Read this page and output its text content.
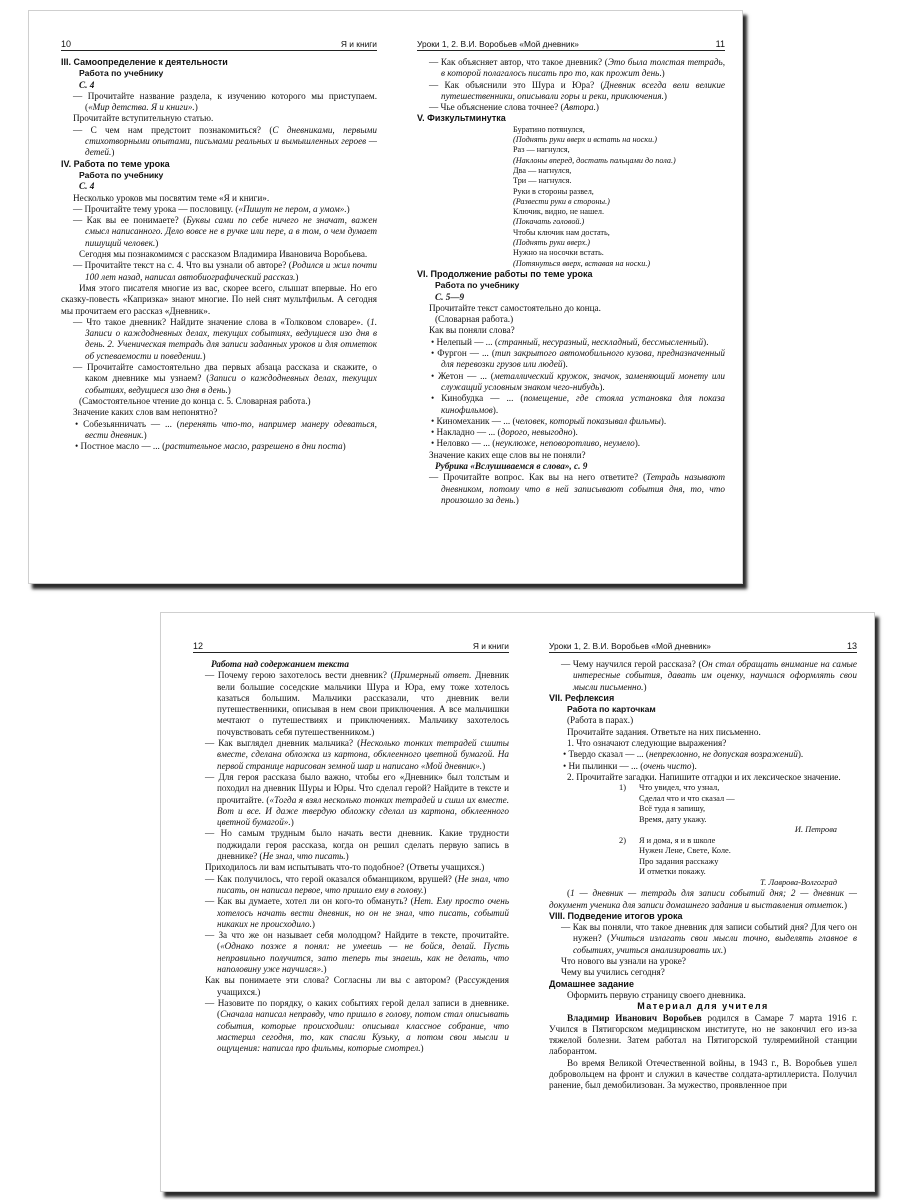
10	Я и книги
III. Самоопределение к деятельности
Работа по учебнику
С. 4
— Прочитайте название раздела, к изучению которого мы приступаем. («Мир детства. Я и книги».)
Прочитайте вступительную статью.
— С чем нам предстоит познакомиться? (С дневниками, первыми стихотворными опытами, письмами реальных и вымышленных героев — детей.)
IV. Работа по теме урока
Работа по учебнику
С. 4
Несколько уроков мы посвятим теме «Я и книги».
— Прочитайте тему урока — пословицу. («Пишут не пером, а умом».)
— Как вы ее понимаете? (Буквы сами по себе ничего не значат, важен смысл написанного. Дело вовсе не в ручке или пере, а в том, о чем думает пишущий человек.)
Сегодня мы познакомимся с рассказом Владимира Ивановича Воробьева.
— Прочитайте текст на с. 4. Что вы узнали об авторе? (Родился и жил почти 100 лет назад, написал автобиографический рассказ.)
Имя этого писателя многие из вас, скорее всего, слышат впервые. Но его сказку-повесть «Капризка» знают многие. По ней снят мультфильм. А сегодня мы прочитаем его рассказ «Дневник».
— Что такое дневник? Найдите значение слова в «Толковом словаре». (1. Записи о каждодневных делах, текущих событиях, ведущиеся изо дня в день. 2. Ученическая тетрадь для записи заданных уроков и для отметок об успеваемости и поведении.)
— Прочитайте самостоятельно два первых абзаца рассказа и скажите, о каком дневнике мы узнаем? (Записи о каждодневных делах, текущих событиях, ведущиеся изо дня в день.)
(Самостоятельное чтение до конца с. 5. Словарная работа.)
Значение каких слов вам непонятно?
• Собезьянничать — ... (перенять что-то, например манеру одеваться, вести дневник.)
• Постное масло — ... (растительное масло, разрешено в дни поста)
Уроки 1, 2. В.И. Воробьев «Мой дневник»	11
— Как объясняет автор, что такое дневник? (Это была толстая тетрадь, в которой полагалось писать про то, как прожит день.)
— Как объяснили это Шура и Юра? (Дневник всегда вели великие путешественники, описывали горы и реки, приключения.)
— Чье объяснение слова точнее? (Автора.)
V. Физкультминутка
Буратино потянулся,
(Поднять руки вверх и встать на носки.)
Раз — нагнулся,
(Наклоны вперед, достать пальцами до пола.)
Два — нагнулся,
Три — нагнулся.
Руки в стороны развел,
(Развести руки в стороны.)
Ключик, видно, не нашел.
(Покачать головой.)
Чтобы ключик нам достать,
(Поднять руки вверх.)
Нужно на носочки встать.
(Потянуться вверх, вставая на носки.)
VI. Продолжение работы по теме урока
Работа по учебнику
С. 5—9
Прочитайте текст самостоятельно до конца.
(Словарная работа.)
Как вы поняли слова?
• Нелепый — ... (странный, несуразный, нескладный, бессмысленный).
• Фургон — ... (тип закрытого автомобильного кузова, предназначенный для перевозки грузов или людей).
• Жетон — ... (металлический кружок, значок, заменяющий монету или служащий условным знаком чего-нибудь).
• Кинобудка — ... (помещение, где стояла установка для показа кинофильмов).
• Киномеханик — ... (человек, который показывал фильмы).
• Накладно — ... (дорого, невыгодно).
• Неловко — ... (неуклюже, неповоротливо, неумело).
Значение каких еще слов вы не поняли?
Рубрика «Вслушиваемся в слова», с. 9
— Прочитайте вопрос. Как вы на него ответите? (Тетрадь называют дневником, потому что в ней записывают события дня, то, что произошло за день.)
12	Я и книги
Работа над содержанием текста
— Почему герою захотелось вести дневник? (Примерный ответ. Дневник вели большие соседские мальчики Шура и Юра, ему тоже хотелось казаться большим. Мальчики рассказали, что дневник вели путешественники, описывая в нем свои приключения. А все мальчишки мечтают о путешествиях и приключениях. Мальчику захотелось почувствовать себя путешественником.)
— Как выглядел дневник мальчика? (Несколько тонких тетрадей сшиты вместе, сделана обложка из картона, обклеенного цветной бумагой. На первой странице нарисован земной шар и написано «Мой дневник».)
— Для героя рассказа было важно, чтобы его «Дневник» был толстым и походил на дневник Шуры и Юры. Что сделал герой? Найдите в тексте и прочитайте. («Тогда я взял несколько тонких тетрадей и сшил их вместе. Вот и все. И даже твердую обложку сделал из картона, обклеенного цветной бумагой».)
— Но самым трудным было начать вести дневник. Какие трудности поджидали героя рассказа, когда он решил сделать первую запись в дневнике? (Не знал, что писать.)
Приходилось ли вам испытывать что-то подобное? (Ответы учащихся.)
— Как получилось, что герой оказался обманщиком, врушей? (Не знал, что писать, он написал первое, что пришло ему в голову.)
— Как вы думаете, хотел ли он кого-то обмануть? (Нет. Ему просто очень хотелось начать вести дневник, но он не знал, что писать, событий никаких не происходило.)
— За что же он называет себя молодцом? Найдите в тексте, прочитайте. («Однако позже я понял: не умеешь — не бойся, делай. Пусть неправильно получится, зато теперь ты знаешь, как не делать, что наполовину уже научился».)
Как вы понимаете эти слова? Согласны ли вы с автором? (Рассуждения учащихся.)
— Назовите по порядку, о каких событиях герой делал записи в дневнике. (Сначала написал неправду, что пришло в голову, потом стал описывать события, которые происходили: описывал классное собрание, что мастерил сегодня, то, как спасли Кузьку, а потом свои мысли и ощущения: написал про фильмы, которые смотрел.)
Уроки 1, 2. В.И. Воробьев «Мой дневник»	13
— Чему научился герой рассказа? (Он стал обращать внимание на самые интересные события, давать им оценку, научился оформлять свои мысли письменно.)
VII. Рефлексия
Работа по карточкам
(Работа в парах.)
Прочитайте задания. Ответьте на них письменно.
1. Что означают следующие выражения?
• Твердо сказал — ... (непреклонно, не допуская возражений).
• Ни пылинки — ... (очень чисто).
2. Прочитайте загадки. Напишите отгадки и их лексическое значение.
1) Что увидел, что узнал,
Сделал что и что сказал —
Всё туда я запишу,
Время, дату укажу.
И. Петрова
2) Я и дома, я и в школе
Нужен Лене, Свете, Коле.
Про задания расскажу
И отметки покажу.
Т. Лаврова-Волгоград
(1 — дневник — тетрадь для записи событий дня; 2 — дневник — документ ученика для записи домашнего задания и выставления отметок.)
VIII. Подведение итогов урока
— Как вы поняли, что такое дневник для записи событий дня? Для чего он нужен? (Учиться излагать свои мысли точно, выделять главное в событиях, учиться анализировать их.)
Что нового вы узнали на уроке?
Чему вы учились сегодня?
Домашнее задание
Оформить первую страницу своего дневника.
Материал для учителя
Владимир Иванович Воробьев родился в Самаре 7 марта 1916 г. Учился в Пятигорском медицинском институте, но не закончил его из-за тяжелой болезни. Затем работал на Пятигорской туляремийной станции лаборантом.
Во время Великой Отечественной войны, в 1943 г., В. Воробьев ушел добровольцем на фронт и служил в качестве солдата-артиллериста. Получил ранение, был демобилизован. За мужество, проявленное при
